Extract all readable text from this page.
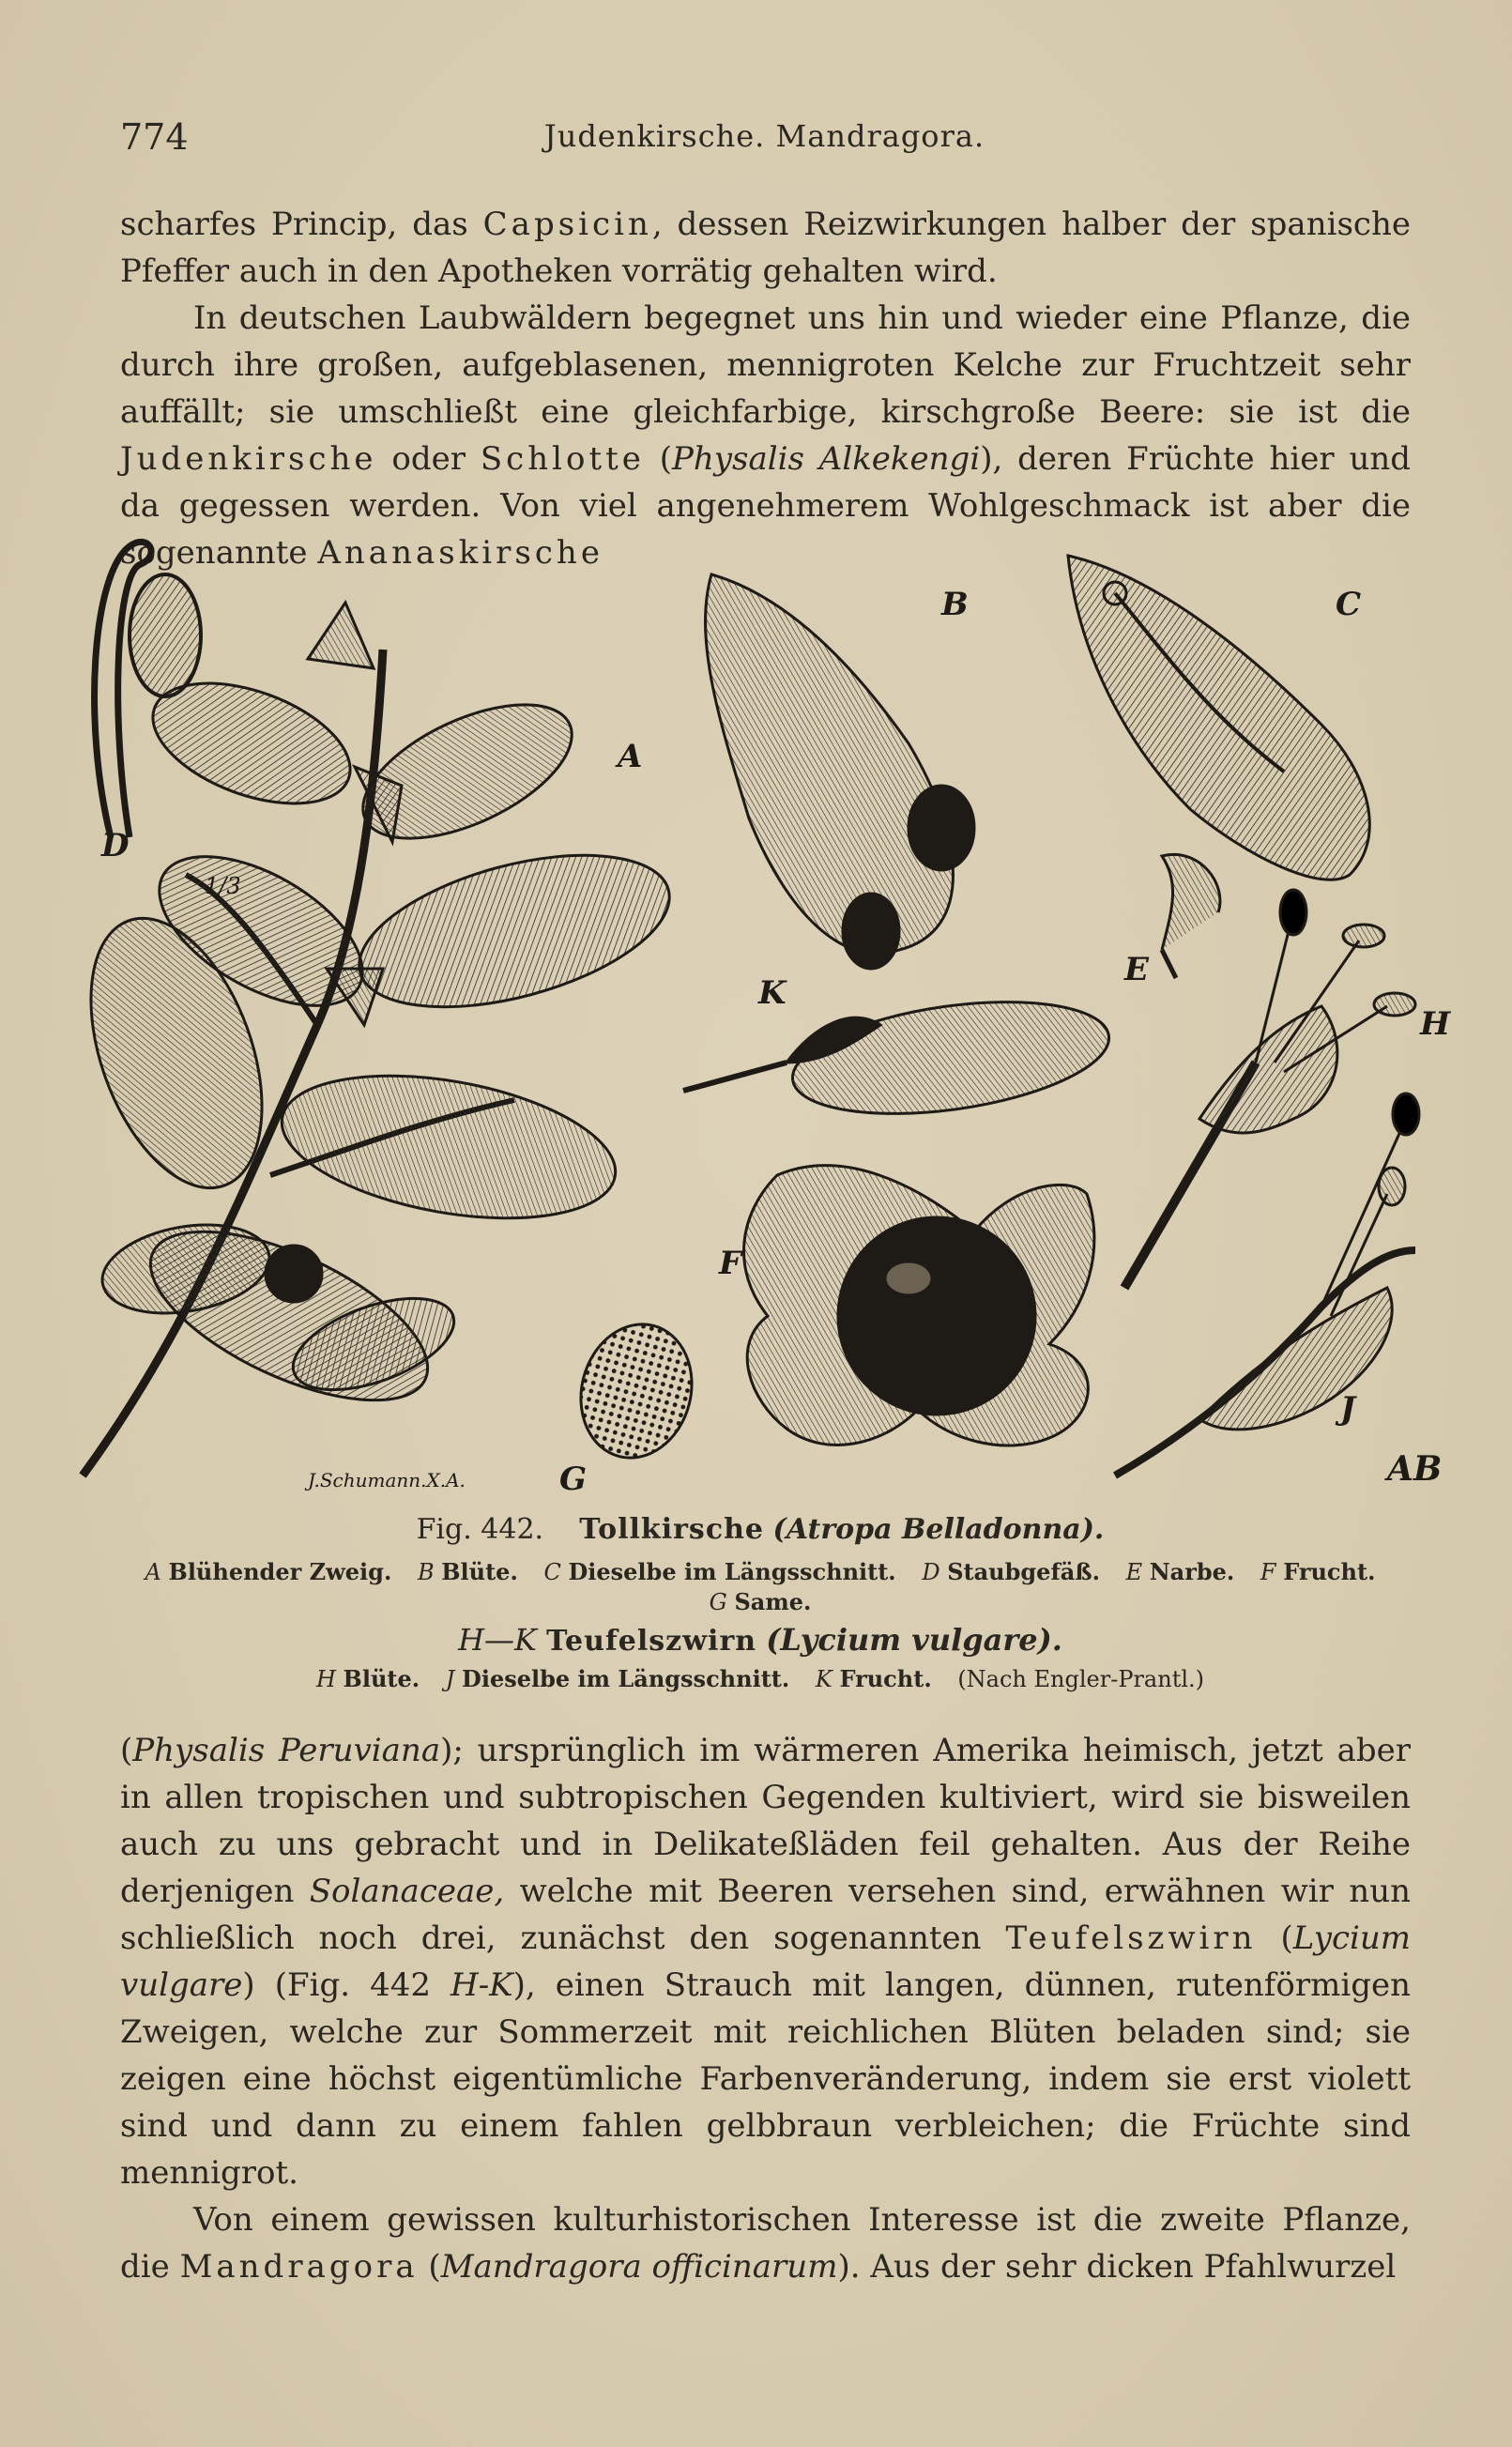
774	Judenkirsche. Mandragora.

scharfes Princip, das Capsicin, dessen Reizwirkungen halber der spanische Pfeffer auch in den Apotheken vorrätig gehalten wird.

In deutschen Laubwäldern begegnet uns hin und wieder eine Pflanze, die durch ihre großen, aufgeblasenen, mennigroten Kelche zur Fruchtzeit sehr auffällt; sie umschließt eine gleichfarbige, kirschgroße Beere: sie ist die Judenkirsche oder Schlotte (Physalis Alkekengi), deren Früchte hier und da gegessen werden. Von viel angenehmerem Wohlgeschmack ist aber die sogenannte Ananaskirsche

A
B	C
D
E
F
G
H
J
K
1/3
J.Schumann.X.A.	AB
Fig. 442. Tollkirsche (Atropa Belladonna).
A Blühender Zweig. B Blüte. C Dieselbe im Längsschnitt. D Staubgefäß. E Narbe. F Frucht.
G Same.
H—K Teufelszwirn (Lycium vulgare).
H Blüte. J Dieselbe im Längsschnitt. K Frucht. (Nach Engler-Prantl.)

(Physalis Peruviana); ursprünglich im wärmeren Amerika heimisch, jetzt aber in allen tropischen und subtropischen Gegenden kultiviert, wird sie bisweilen auch zu uns gebracht und in Delikateßläden feil gehalten. Aus der Reihe derjenigen Solanaceae, welche mit Beeren versehen sind, erwähnen wir nun schließlich noch drei, zunächst den sogenannten Teufelszwirn (Lycium vulgare) (Fig. 442 H-K), einen Strauch mit langen, dünnen, rutenförmigen Zweigen, welche zur Sommerzeit mit reichlichen Blüten beladen sind; sie zeigen eine höchst eigentümliche Farbenveränderung, indem sie erst violett sind und dann zu einem fahlen gelbbraun verbleichen; die Früchte sind mennigrot.

Von einem gewissen kulturhistorischen Interesse ist die zweite Pflanze, die Mandragora (Mandragora officinarum). Aus der sehr dicken Pfahlwurzel
